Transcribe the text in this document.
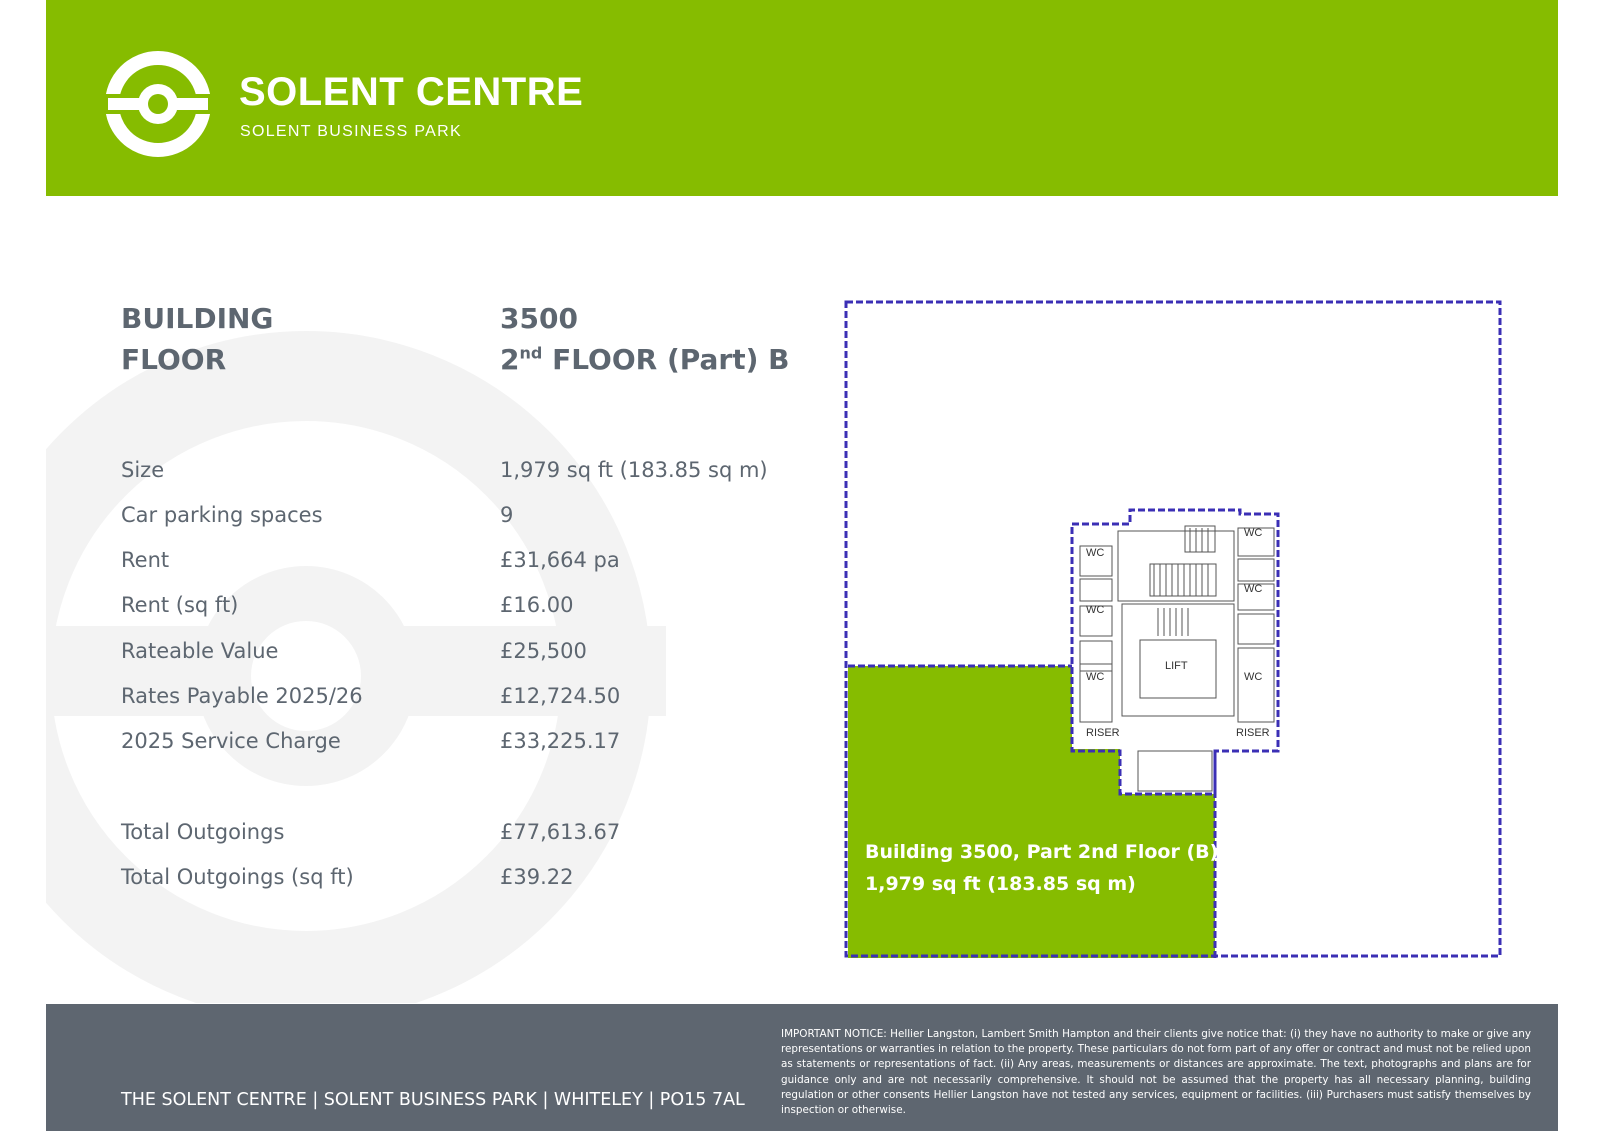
SOLENT CENTRE
SOLENT BUSINESS PARK
BUILDING	3500
FLOOR	2nd FLOOR (Part) B
Size	1,979 sq ft (183.85 sq m)
Car parking spaces	9
Rent	£31,664 pa
Rent (sq ft)	£16.00
Rateable Value	£25,500
Rates Payable 2025/26	£12,724.50
2025 Service Charge	£33,225.17
Total Outgoings	£77,613.67
Total Outgoings (sq ft)	£39.22
WC
WC
WC
WC
WC
WC
LIFT
RISER	RISER
Building 3500, Part 2nd Floor (B)
1,979 sq ft (183.85 sq m)
THE SOLENT CENTRE | SOLENT BUSINESS PARK | WHITELEY | PO15 7AL
IMPORTANT NOTICE: Hellier Langston, Lambert Smith Hampton and their clients give notice that: (i) they have no authority to make or give any representations or warranties in relation to the property. These particulars do not form part of any offer or contract and must not be relied upon as statements or representations of fact. (ii) Any areas, measurements or distances are approximate. The text, photographs and plans are for guidance only and are not necessarily comprehensive. It should not be assumed that the property has all necessary planning, building regulation or other consents Hellier Langston have not tested any services, equipment or facilities. (iii) Purchasers must satisfy themselves by inspection or otherwise.
